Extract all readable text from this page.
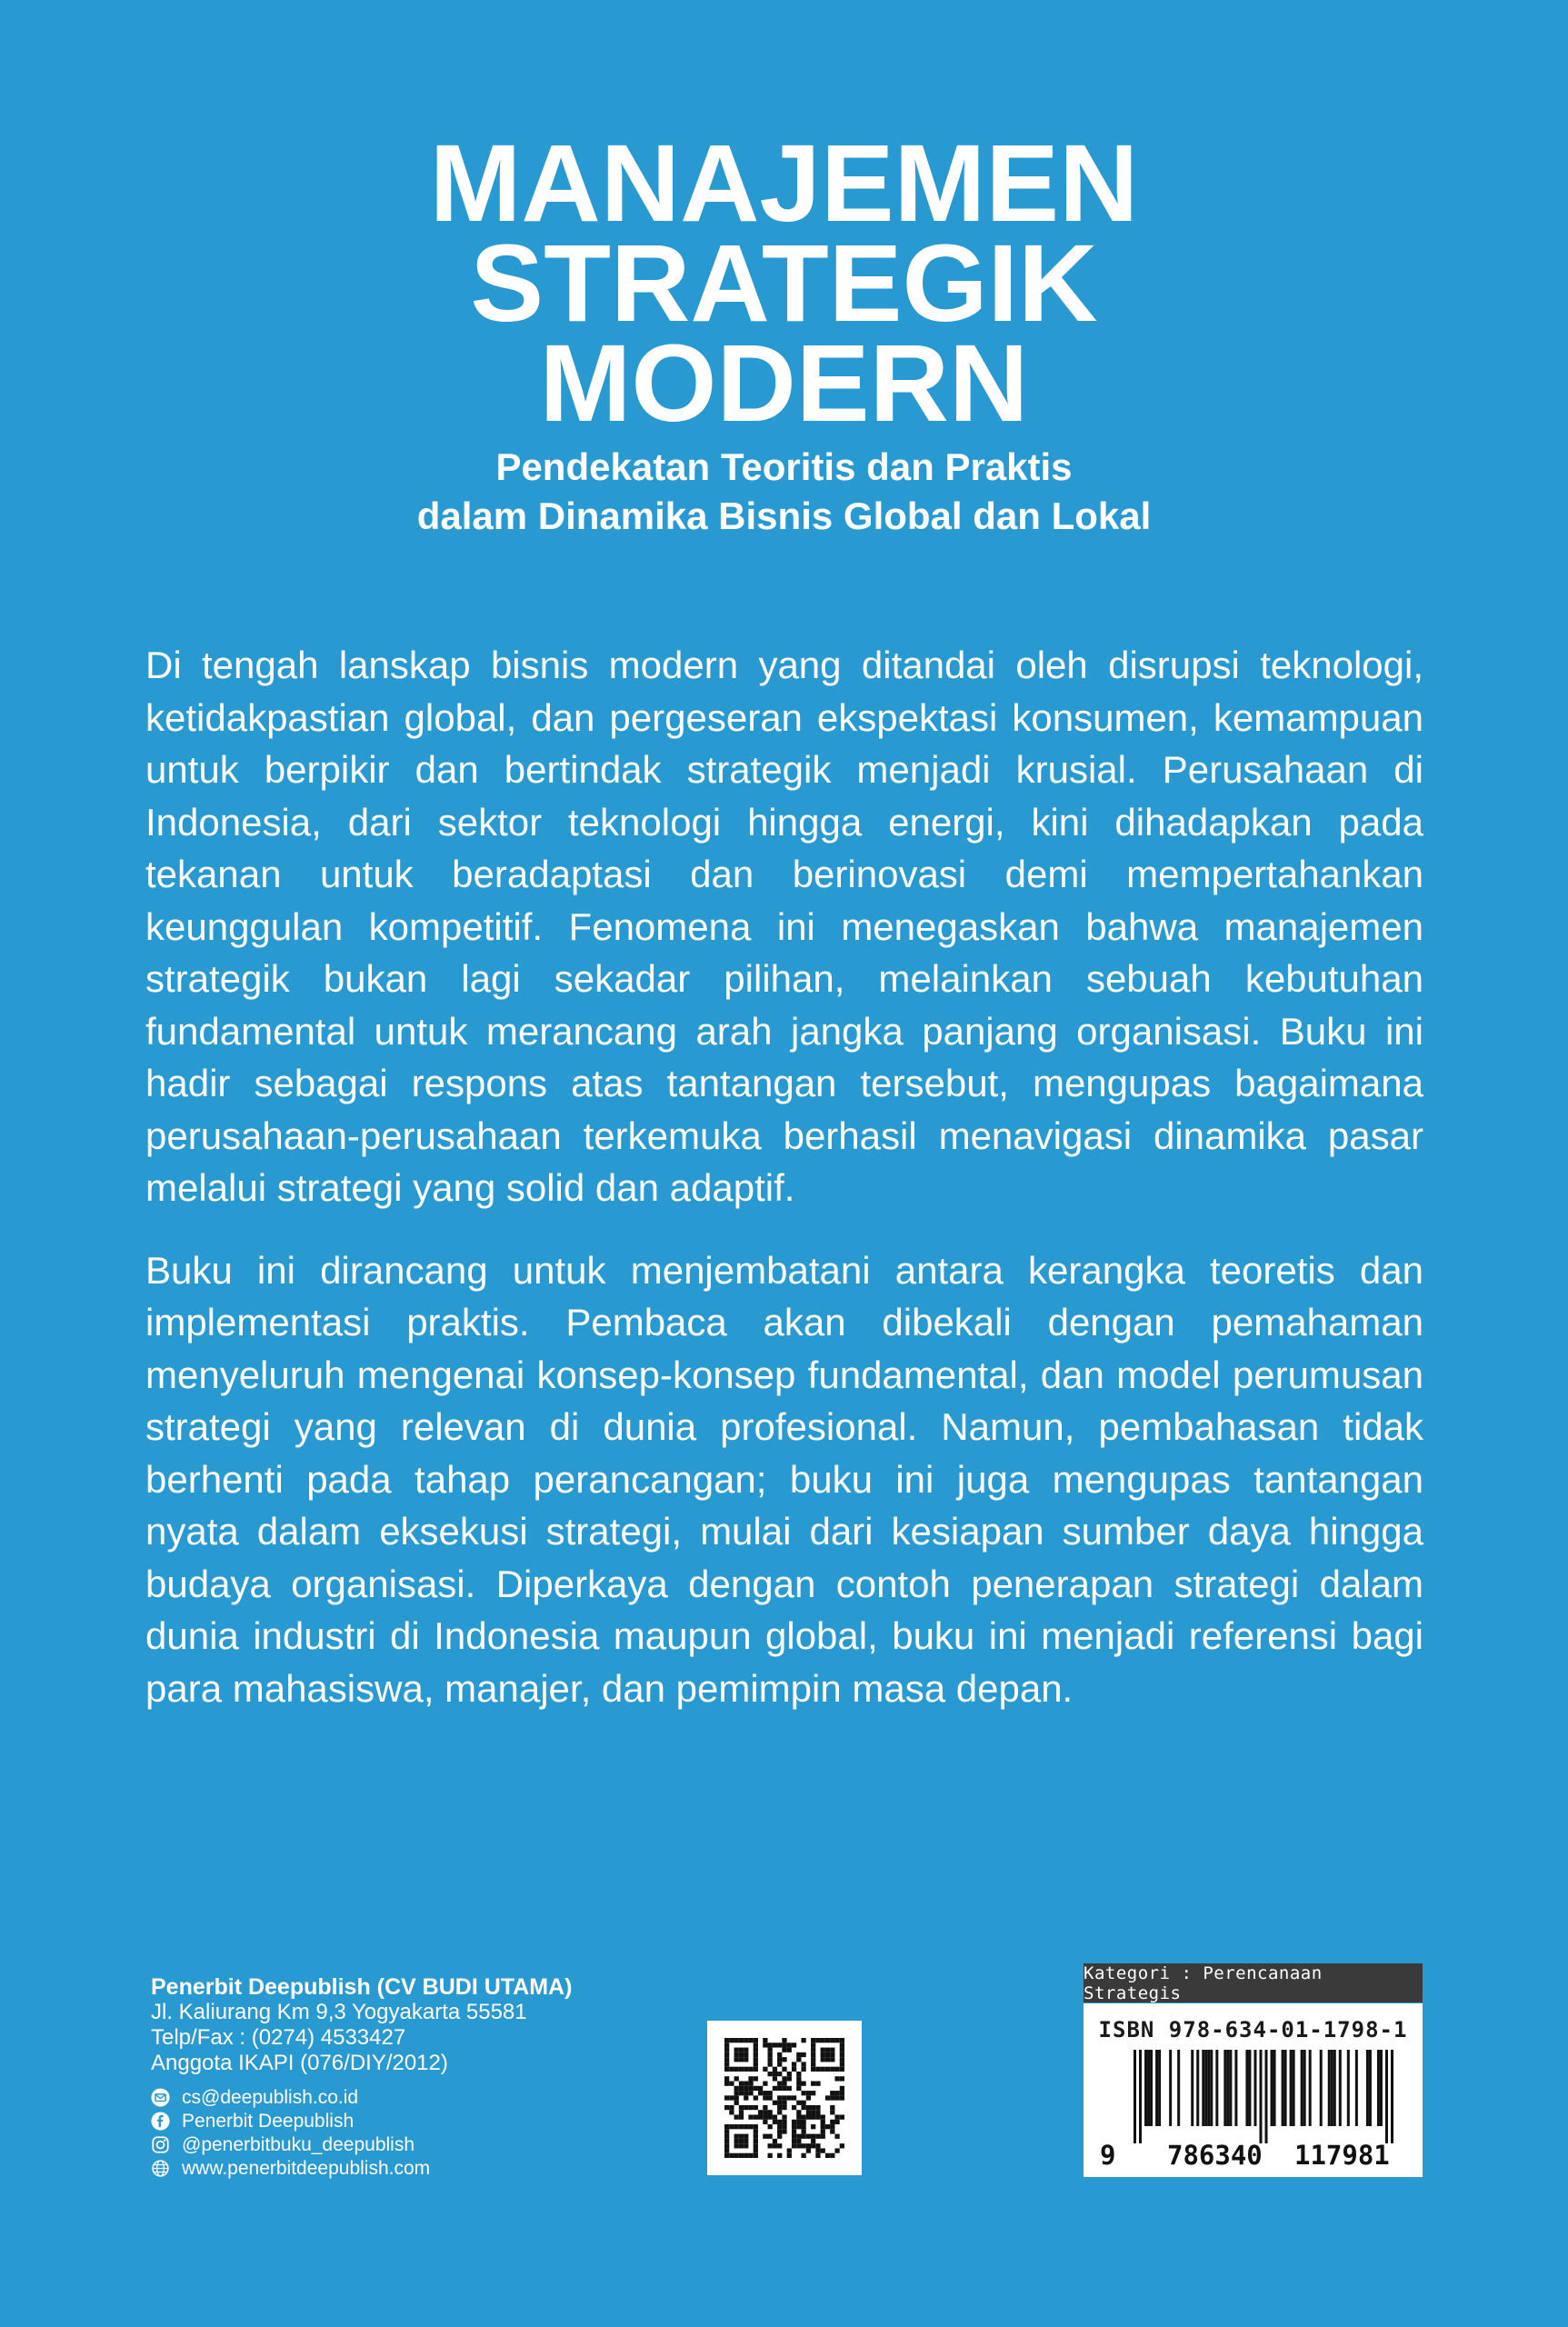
MANAJEMEN
STRATEGIK
MODERN
Pendekatan Teoritis dan Praktis
dalam Dinamika Bisnis Global dan Lokal

Di tengah lanskap bisnis modern yang ditandai oleh disrupsi teknologi, ketidakpastian global, dan pergeseran ekspektasi konsumen, kemampuan untuk berpikir dan bertindak strategik menjadi krusial. Perusahaan di Indonesia, dari sektor teknologi hingga energi, kini dihadapkan pada tekanan untuk beradaptasi dan berinovasi demi mempertahankan keunggulan kompetitif. Fenomena ini menegaskan bahwa manajemen strategik bukan lagi sekadar pilihan, melainkan sebuah kebutuhan fundamental untuk merancang arah jangka panjang organisasi. Buku ini hadir sebagai respons atas tantangan tersebut, mengupas bagaimana perusahaan-perusahaan terkemuka berhasil menavigasi dinamika pasar melalui strategi yang solid dan adaptif.

Buku ini dirancang untuk menjembatani antara kerangka teoretis dan implementasi praktis. Pembaca akan dibekali dengan pemahaman menyeluruh mengenai konsep-konsep fundamental, dan model perumusan strategi yang relevan di dunia profesional. Namun, pembahasan tidak berhenti pada tahap perancangan; buku ini juga mengupas tantangan nyata dalam eksekusi strategi, mulai dari kesiapan sumber daya hingga budaya organisasi. Diperkaya dengan contoh penerapan strategi dalam dunia industri di Indonesia maupun global, buku ini menjadi referensi bagi para mahasiswa, manajer, dan pemimpin masa depan.

Penerbit Deepublish (CV BUDI UTAMA)
Jl. Kaliurang Km 9,3 Yogyakarta 55581
Telp/Fax : (0274) 4533427
Anggota IKAPI (076/DIY/2012)
cs@deepublish.co.id
Penerbit Deepublish
@penerbitbuku_deepublish
www.penerbitdeepublish.com
Kategori : Perencanaan Strategis
ISBN 978-634-01-1798-1
9 786340 117981
